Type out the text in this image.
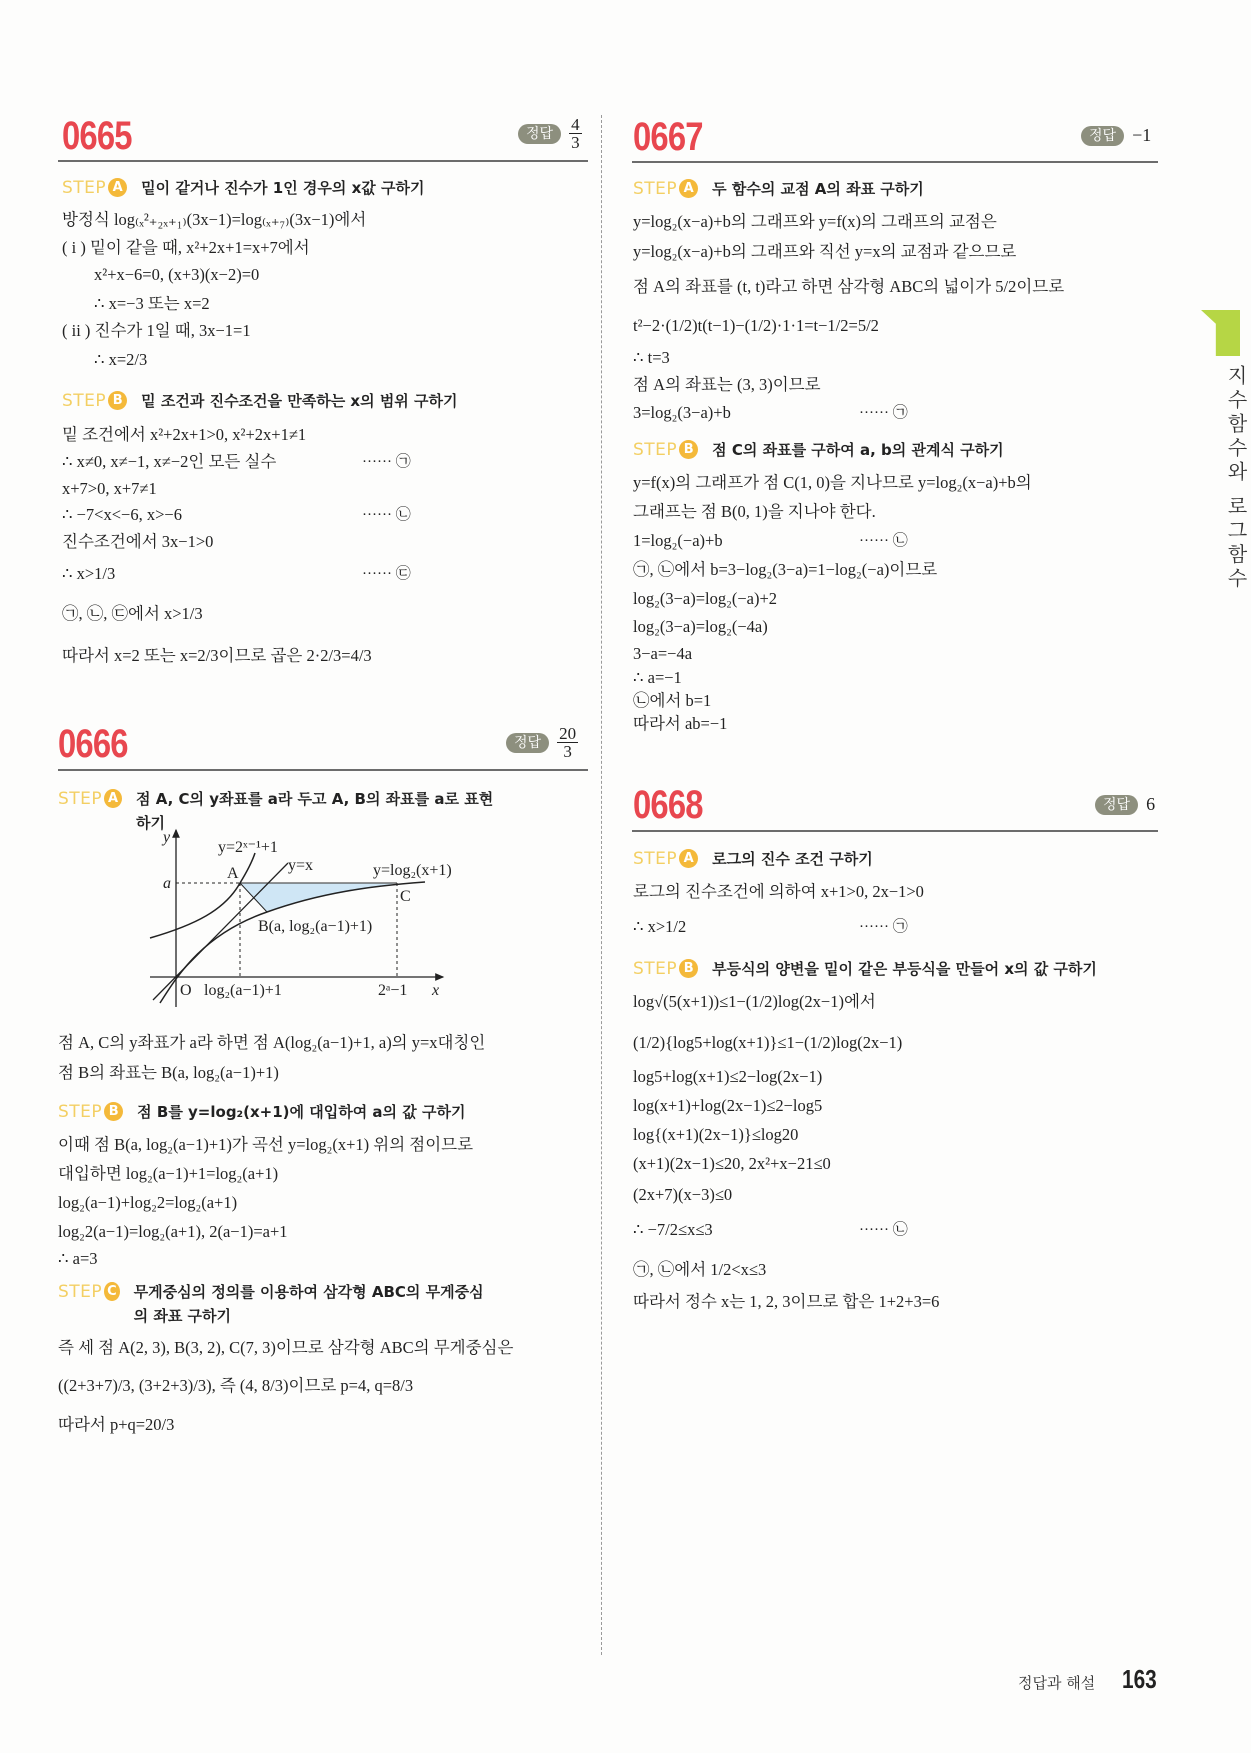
0665	정답 $\frac{4}{3}$
STEP A 밑이 같거나 진수가 1인 경우의 x값 구하기
방정식 log₍ₓ²₊₂ₓ₊₁₎(3x−1)=log₍ₓ₊₇₎(3x−1)에서
( i ) 밑이 같을 때, x²+2x+1=x+7에서
x²+x−6=0, (x+3)(x−2)=0
∴ x=−3 또는 x=2
( ii ) 진수가 1일 때, 3x−1=1
∴ x=2/3
STEP B	밑 조건과 진수조건을 만족하는 x의 범위 구하기
밑 조건에서 x²+2x+1>0, x²+2x+1≠1
∴ x≠0, x≠−1, x≠−2인 모든 실수	······ ㉠
x+7>0, x+7≠1
∴ −7<x<−6, x>−6	······ ㉡
진수조건에서 3x−1>0
∴ x>1/3	······ ㉢
㉠, ㉡, ㉢에서 x>1/3
따라서 x=2 또는 x=2/3이므로 곱은 2·2/3=4/3
0666	정답 $\frac{20}{3}$
STEP A 점 A, C의 y좌표를 a라 두고 A, B의 좌표를 a로 표현하기
점 A, C의 y좌표가 a라 하면 점 A(log₂(a−1)+1, a)의 y=x대칭인
점 B의 좌표는 B(a, log₂(a−1)+1)
STEP B	점 B를 y=log₂(x+1)에 대입하여 a의 값 구하기
이때 점 B(a, log₂(a−1)+1)가 곡선 y=log₂(x+1) 위의 점이므로
대입하면 log₂(a−1)+1=log₂(a+1)
log₂(a−1)+log₂2=log₂(a+1)
log₂2(a−1)=log₂(a+1), 2(a−1)=a+1
∴ a=3
STEP C 무게중심의 정의를 이용하여 삼각형 ABC의 무게중심의 좌표 구하기
즉 세 점 A(2, 3), B(3, 2), C(7, 3)이므로 삼각형 ABC의 무게중심은
((2+3+7)/3, (3+2+3)/3), 즉 (4, 8/3)이므로 p=4, q=8/3
따라서 p+q=20/3
0667	정답 −1
STEP A 두 함수의 교점 A의 좌표 구하기
y=log₂(x−a)+b의 그래프와 y=f(x)의 그래프의 교점은
y=log₂(x−a)+b의 그래프와 직선 y=x의 교점과 같으므로
점 A의 좌표를 (t, t)라고 하면 삼각형 ABC의 넓이가 5/2이므로
t²−2·(1/2)t(t−1)−(1/2)·1·1=t−1/2=5/2
∴ t=3
점 A의 좌표는 (3, 3)이므로
3=log₂(3−a)+b	······ ㉠
STEP B	점 C의 좌표를 구하여 a, b의 관계식 구하기
y=f(x)의 그래프가 점 C(1, 0)을 지나므로 y=log₂(x−a)+b의
그래프는 점 B(0, 1)을 지나야 한다.
1=log₂(−a)+b	······ ㉡
㉠, ㉡에서 b=3−log₂(3−a)=1−log₂(−a)이므로
log₂(3−a)=log₂(−a)+2
log₂(3−a)=log₂(−4a)
3−a=−4a
∴ a=−1
㉡에서 b=1
따라서 ab=−1
0668	정답 6
STEP A 로그의 진수 조건 구하기
로그의 진수조건에 의하여 x+1>0, 2x−1>0
∴ x>1/2	······ ㉠
STEP B	부등식의 양변을 밑이 같은 부등식을 만들어 x의 값 구하기
log√(5(x+1))≤1−(1/2)log(2x−1)에서
(1/2){log5+log(x+1)}≤1−(1/2)log(2x−1)
log5+log(x+1)≤2−log(2x−1)
log(x+1)+log(2x−1)≤2−log5
log{(x+1)(2x−1)}≤log20
(x+1)(2x−1)≤20, 2x²+x−21≤0
(2x+7)(x−3)≤0
∴ −7/2≤x≤3	······ ㉡
㉠, ㉡에서 1/2<x≤3
따라서 정수 x는 1, 2, 3이므로 합은 1+2+3=6
y
x
O
a
y=2ˣ⁻¹+1
y=x	y=log₂(x+1)
A
B(a, log₂(a−1)+1)
C
log₂(a−1)+1	2ᵃ−1
지수함수와 로그함수
정답과 해설 163
